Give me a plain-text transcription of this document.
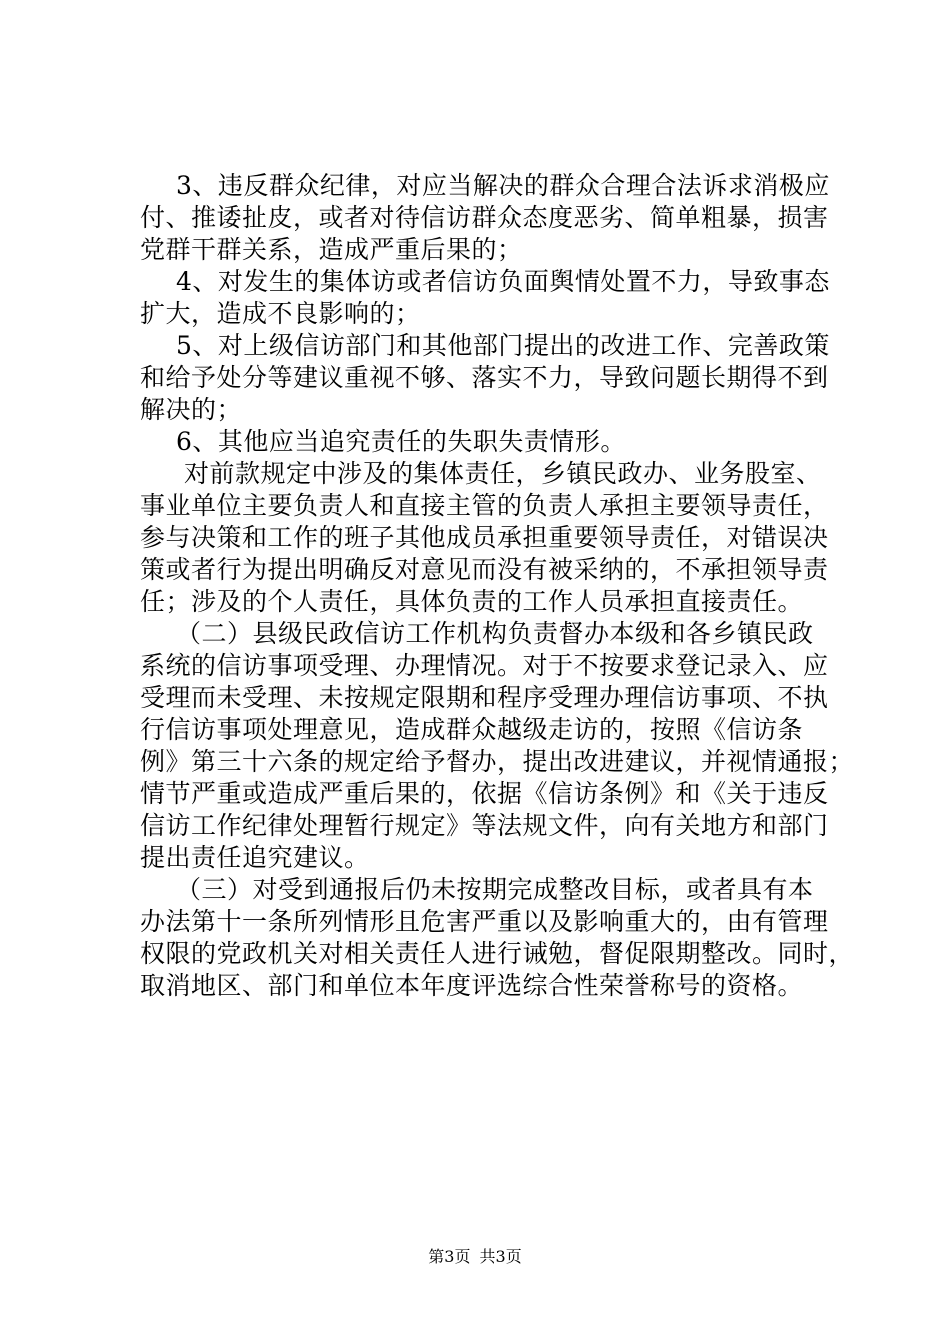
3、违反群众纪律，对应当解决的群众合理合法诉求消极应
付、推诿扯皮，或者对待信访群众态度恶劣、简单粗暴，损害
党群干群关系，造成严重后果的；
4、对发生的集体访或者信访负面舆情处置不力，导致事态
扩大，造成不良影响的；
5、对上级信访部门和其他部门提出的改进工作、完善政策
和给予处分等建议重视不够、落实不力，导致问题长期得不到
解决的；
6、其他应当追究责任的失职失责情形。
对前款规定中涉及的集体责任，乡镇民政办、业务股室、
事业单位主要负责人和直接主管的负责人承担主要领导责任，
参与决策和工作的班子其他成员承担重要领导责任，对错误决
策或者行为提出明确反对意见而没有被采纳的，不承担领导责
任；涉及的个人责任，具体负责的工作人员承担直接责任。
（二）县级民政信访工作机构负责督办本级和各乡镇民政
系统的信访事项受理、办理情况。对于不按要求登记录入、应
受理而未受理、未按规定限期和程序受理办理信访事项、不执
行信访事项处理意见，造成群众越级走访的，按照《信访条
例》第三十六条的规定给予督办，提出改进建议，并视情通报；
情节严重或造成严重后果的，依据《信访条例》和《关于违反
信访工作纪律处理暂行规定》等法规文件，向有关地方和部门
提出责任追究建议。
（三）对受到通报后仍未按期完成整改目标，或者具有本
办法第十一条所列情形且危害严重以及影响重大的，由有管理
权限的党政机关对相关责任人进行诫勉，督促限期整改。同时，
取消地区、部门和单位本年度评选综合性荣誉称号的资格。
第3页 共3页
